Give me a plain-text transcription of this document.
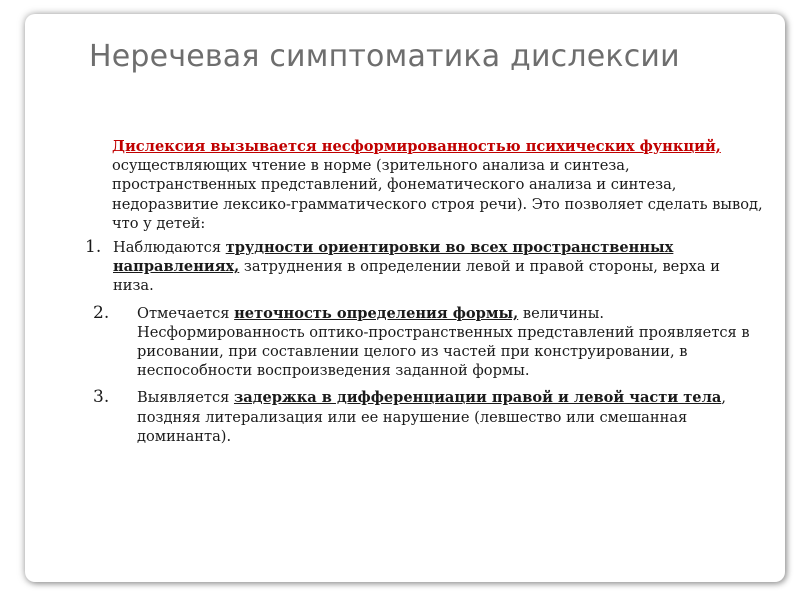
Неречевая симптоматика дислексии

Дислексия вызывается несформированностью психических функций, осуществляющих чтение в норме (зрительного анализа и синтеза, пространственных представлений, фонематического анализа и синтеза, недоразвитие лексико-грамматического строя речи). Это позволяет сделать вывод, что у детей:

1. Наблюдаются трудности ориентировки во всех пространственных направлениях, затруднения в определении левой и правой стороны, верха и низа.

2. Отмечается неточность определения формы, величины. Несформированность оптико-пространственных представлений проявляется в рисовании, при составлении целого из частей при конструировании, в неспособности воспроизведения заданной формы.

3. Выявляется задержка в дифференциации правой и левой части тела, поздняя литерализация или ее нарушение (левшество или смешанная доминанта).
